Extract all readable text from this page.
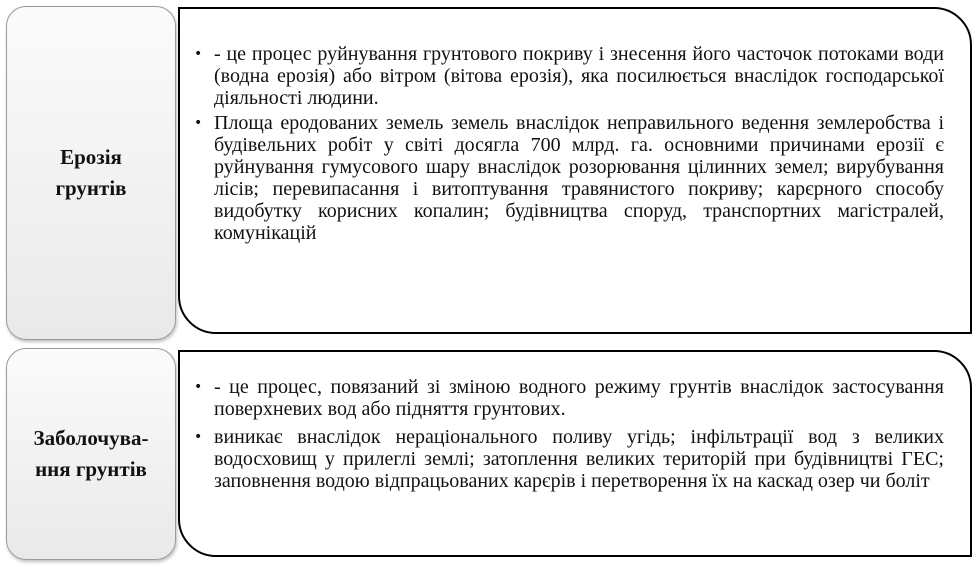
Ерозія
грунтів
• - це процес руйнування грунтового покриву і знесення його часточок потоками води (водна ерозія) або вітром (вітова ерозія), яка посилюється внаслідок господарської діяльності людини.
• Площа еродованих земель земель внаслідок неправильного ведення землеробства і будівельних робіт у світі досягла 700 млрд. га. основними причинами ерозії є руйнування гумусового шару внаслідок розорювання цілинних земел; вирубування лісів; перевипасання і витоптування травянистого покриву; карєрного способу видобутку корисних копалин; будівництва споруд, транспортних магістралей, комунікацій
Заболочува-
ння грунтів
• - це процес, повязаний зі зміною водного режиму грунтів внаслідок застосування поверхневих вод або підняття грунтових.
• виникає внаслідок нераціонального поливу угідь; інфільтрації вод з великих водосховищ у прилеглі землі; затоплення великих територій при будівництві ГЕС; заповнення водою відпрацьованих карєрів і перетворення їх на каскад озер чи боліт
